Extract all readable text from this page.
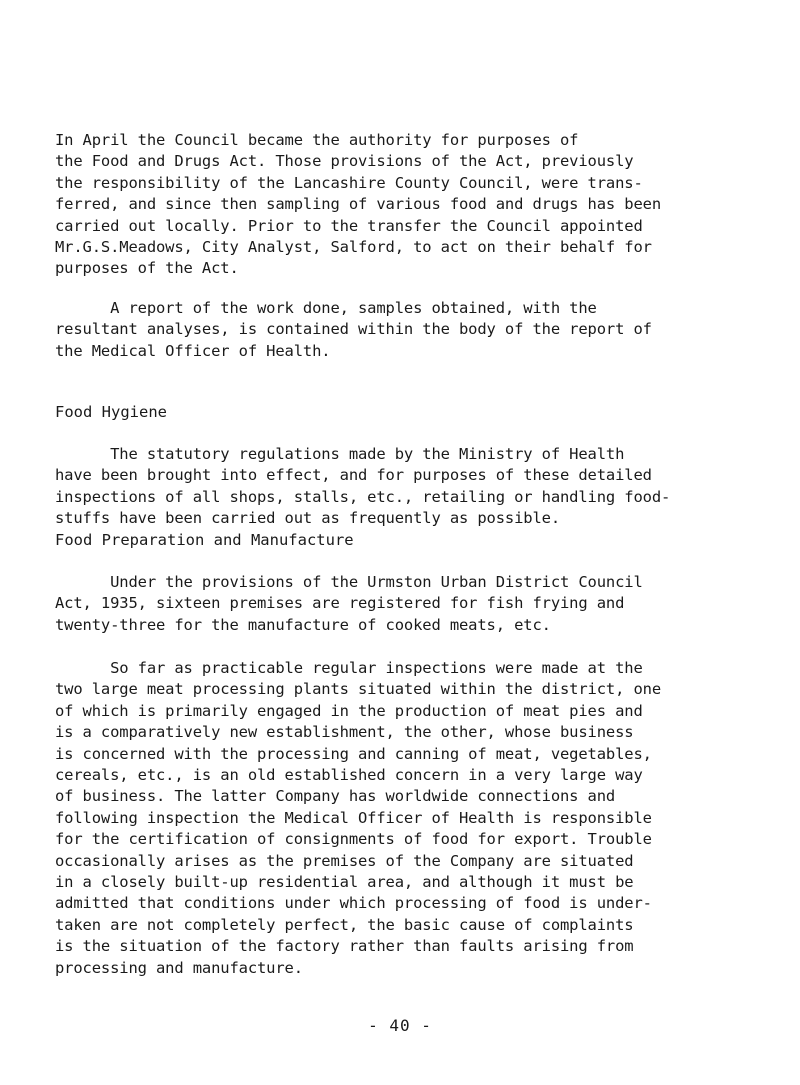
In April the Council became the authority for purposes of
the Food and Drugs Act. Those provisions of the Act, previously
the responsibility of the Lancashire County Council, were trans-
ferred, and since then sampling of various food and drugs has been
carried out locally. Prior to the transfer the Council appointed
Mr.G.S.Meadows, City Analyst, Salford, to act on their behalf for
purposes of the Act.

A report of the work done, samples obtained, with the
resultant analyses, is contained within the body of the report of
the Medical Officer of Health.

Food Hygiene

The statutory regulations made by the Ministry of Health
have been brought into effect, and for purposes of these detailed
inspections of all shops, stalls, etc., retailing or handling food-
stuffs have been carried out as frequently as possible.

Food Preparation and Manufacture

Under the provisions of the Urmston Urban District Council
Act, 1935, sixteen premises are registered for fish frying and
twenty-three for the manufacture of cooked meats, etc.

So far as practicable regular inspections were made at the
two large meat processing plants situated within the district, one
of which is primarily engaged in the production of meat pies and
is a comparatively new establishment, the other, whose business
is concerned with the processing and canning of meat, vegetables,
cereals, etc., is an old established concern in a very large way
of business. The latter Company has worldwide connections and
following inspection the Medical Officer of Health is responsible
for the certification of consignments of food for export. Trouble
occasionally arises as the premises of the Company are situated
in a closely built-up residential area, and although it must be
admitted that conditions under which processing of food is under-
taken are not completely perfect, the basic cause of complaints
is the situation of the factory rather than faults arising from
processing and manufacture.

- 40 -
